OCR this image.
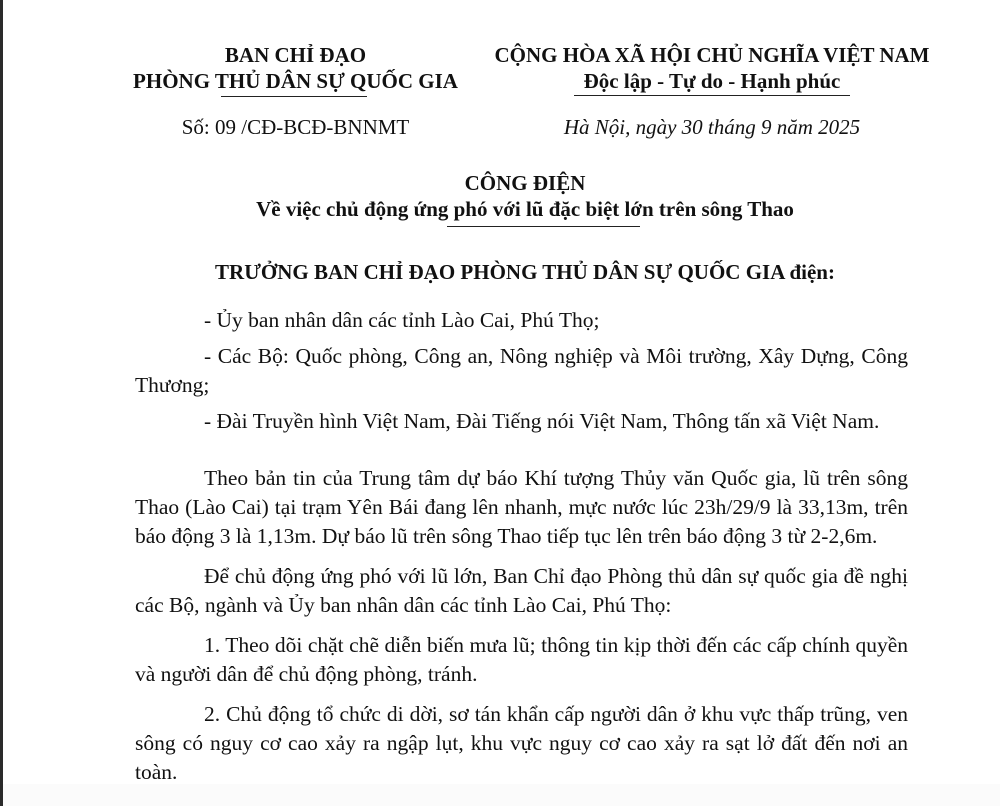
BAN CHỈ ĐẠO
PHÒNG THỦ DÂN SỰ QUỐC GIA
CỘNG HÒA XÃ HỘI CHỦ NGHĨA VIỆT NAM
Độc lập - Tự do - Hạnh phúc
Số: 09 /CĐ-BCĐ-BNNMT	Hà Nội, ngày 30 tháng 9 năm 2025
CÔNG ĐIỆN
Về việc chủ động ứng phó với lũ đặc biệt lớn trên sông Thao
TRƯỞNG BAN CHỈ ĐẠO PHÒNG THỦ DÂN SỰ QUỐC GIA điện:

- Ủy ban nhân dân các tỉnh Lào Cai, Phú Thọ;

- Các Bộ: Quốc phòng, Công an, Nông nghiệp và Môi trường, Xây Dựng, Công Thương;

- Đài Truyền hình Việt Nam, Đài Tiếng nói Việt Nam, Thông tấn xã Việt Nam.

Theo bản tin của Trung tâm dự báo Khí tượng Thủy văn Quốc gia, lũ trên sông Thao (Lào Cai) tại trạm Yên Bái đang lên nhanh, mực nước lúc 23h/29/9 là 33,13m, trên báo động 3 là 1,13m. Dự báo lũ trên sông Thao tiếp tục lên trên báo động 3 từ 2-2,6m.

Để chủ động ứng phó với lũ lớn, Ban Chỉ đạo Phòng thủ dân sự quốc gia đề nghị các Bộ, ngành và Ủy ban nhân dân các tỉnh Lào Cai, Phú Thọ:

1. Theo dõi chặt chẽ diễn biến mưa lũ; thông tin kịp thời đến các cấp chính quyền và người dân để chủ động phòng, tránh.

2. Chủ động tổ chức di dời, sơ tán khẩn cấp người dân ở khu vực thấp trũng, ven sông có nguy cơ cao xảy ra ngập lụt, khu vực nguy cơ cao xảy ra sạt lở đất đến nơi an toàn.
